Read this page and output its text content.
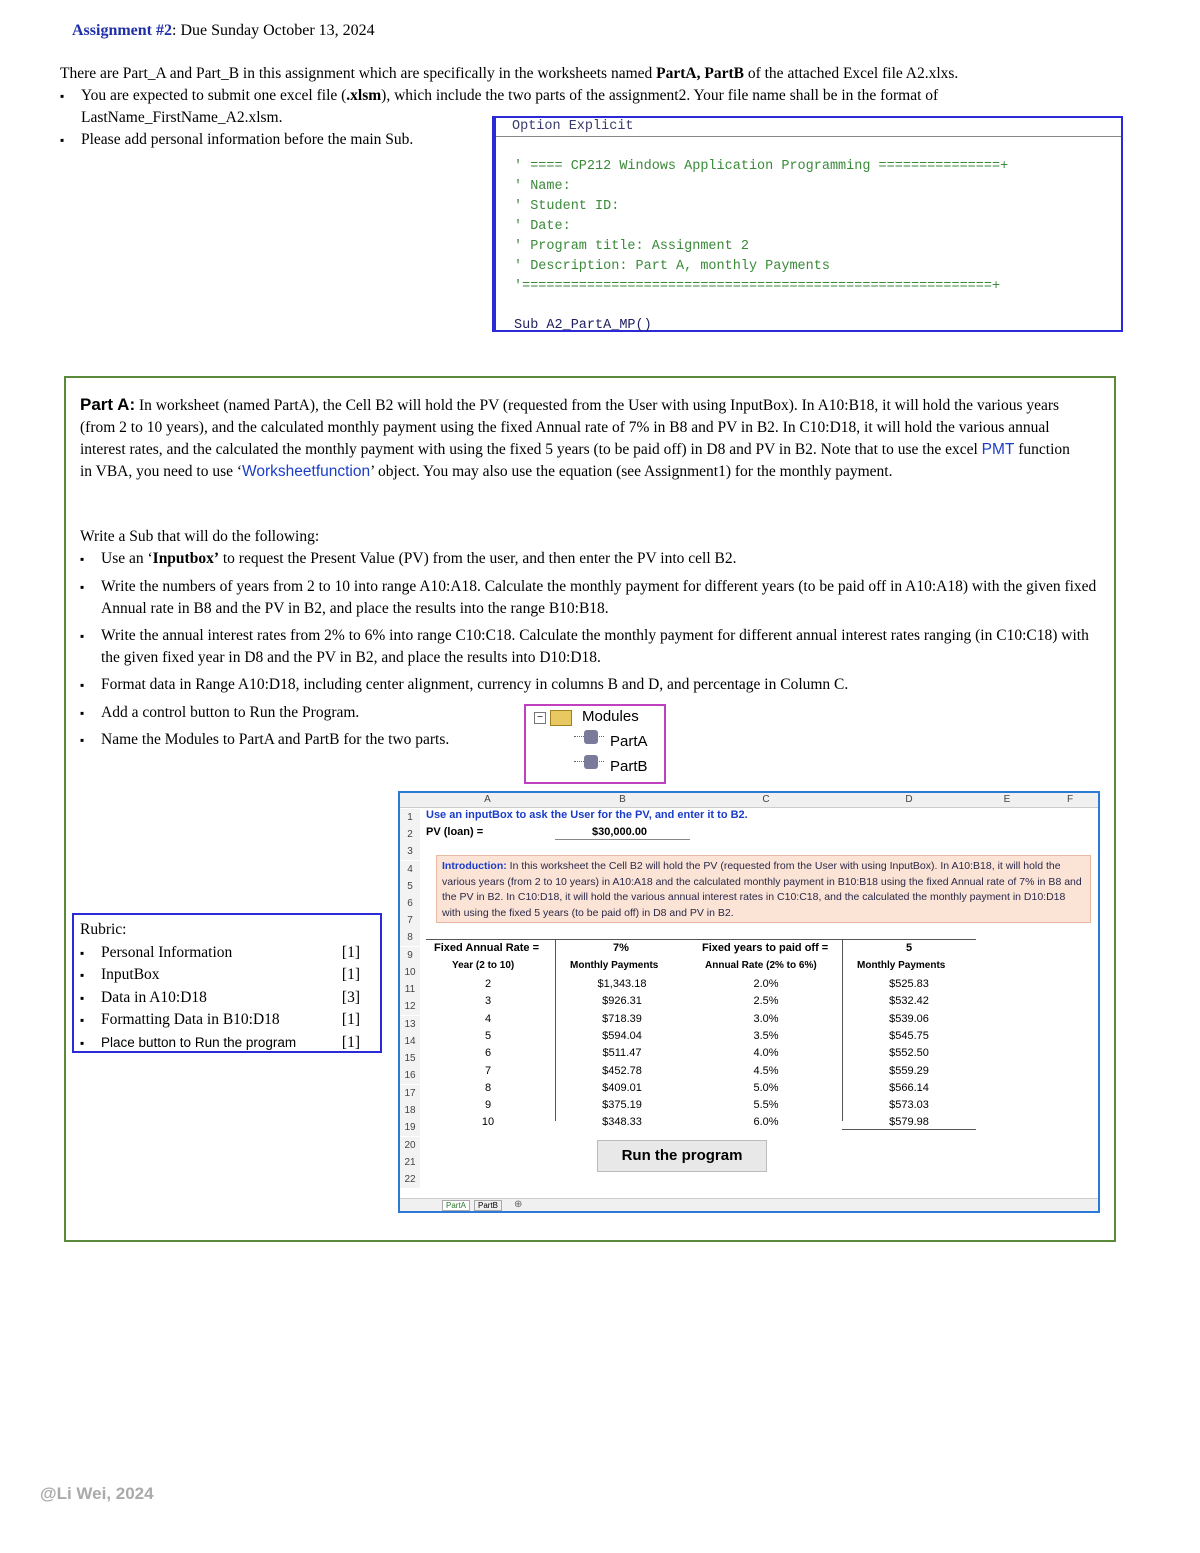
Assignment #2: Due Sunday October 13, 2024
There are Part_A and Part_B in this assignment which are specifically in the worksheets named PartA, PartB of the attached Excel file A2.xlxs.
▪ You are expected to submit one excel file (.xlsm), which include the two parts of the assignment2. Your file name shall be in the format of
LastName_FirstName_A2.xlsm.
▪ Please add personal information before the main Sub.
Option Explicit
' ==== CP212 Windows Application Programming ===============+
' Name:
' Student ID:
' Date:
' Program title: Assignment 2
' Description: Part A, monthly Payments
'==========================================================+
Sub A2_PartA_MP()
Part A: In worksheet (named PartA), the Cell B2 will hold the PV (requested from the User with using InputBox). In A10:B18, it will hold the various years (from 2 to 10 years), and the calculated monthly payment using the fixed Annual rate of 7% in B8 and PV in B2. In C10:D18, it will hold the various annual interest rates, and the calculated the monthly payment with using the fixed 5 years (to be paid off) in D8 and PV in B2. Note that to use the excel PMT function in VBA, you need to use ‘Worksheetfunction’ object. You may also use the equation (see Assignment1) for the monthly payment.
Write a Sub that will do the following:
▪ Use an ‘Inputbox’ to request the Present Value (PV) from the user, and then enter the PV into cell B2.
▪ Write the numbers of years from 2 to 10 into range A10:A18. Calculate the monthly payment for different years (to be paid off in A10:A18) with the given fixed Annual rate in B8 and the PV in B2, and place the results into the range B10:B18.
▪ Write the annual interest rates from 2% to 6% into range C10:C18. Calculate the monthly payment for different annual interest rates ranging (in C10:C18) with the given fixed year in D8 and the PV in B2, and place the results into D10:D18.
▪ Format data in Range A10:D18, including center alignment, currency in columns B and D, and percentage in Column C.
▪ Add a control button to Run the Program.
▪ Name the Modules to PartA and PartB for the two parts.
−	Modules
PartA
PartB
Rubric:
▪ Personal Information	[1]
▪ InputBox	[1]
▪ Data in A10:D18	[3]
▪ Formatting Data in B10:D18	[1]
▪ Place button to Run the program	[1]
A	B	C	D	E	F
1
2
3
4
5
6
7
8
9
10
11
12
13
14
15
16
17
18
19
20
21
22
Use an inputBox to ask the User for the PV, and enter it to B2.
PV (loan) =	$30,000.00
Introduction: In this worksheet the Cell B2 will hold the PV (requested from the User with using InputBox). In A10:B18, it will hold the various years (from 2 to 10 years) in A10:A18 and the calculated monthly payment in B10:B18 using the fixed Annual rate of 7% in B8 and the PV in B2. In C10:D18, it will hold the various annual interest rates in C10:C18, and the calculated the monthly payment in D10:D18 with using the fixed 5 years (to be paid off) in D8 and PV in B2.
Fixed Annual Rate =	7%	Fixed years to paid off =	5
Year (2 to 10)	Monthly Payments	Annual Rate (2% to 6%)	Monthly Payments
2	$1,343.18	2.0%	$525.83
3	$926.31	2.5%	$532.42
4	$718.39	3.0%	$539.06
5	$594.04	3.5%	$545.75
6	$511.47	4.0%	$552.50
7	$452.78	4.5%	$559.29
8	$409.01	5.0%	$566.14
9	$375.19	5.5%	$573.03
10	$348.33	6.0%	$579.98
Run the program
PartA	PartB	⊕
@Li Wei, 2024
